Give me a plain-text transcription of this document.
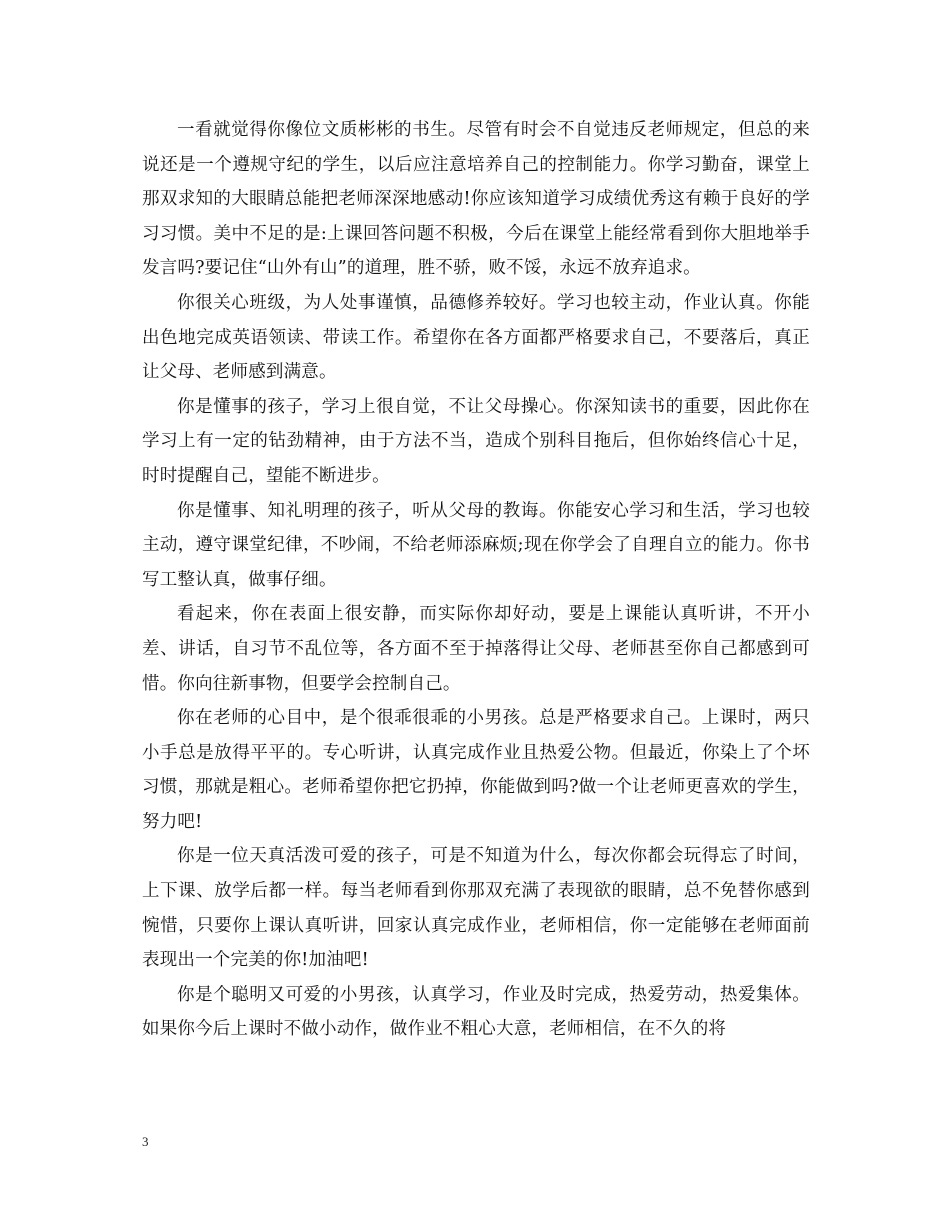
一看就觉得你像位文质彬彬的书生。尽管有时会不自觉违反老师规定，但总的来说还是一个遵规守纪的学生，以后应注意培养自己的控制能力。你学习勤奋，课堂上那双求知的大眼睛总能把老师深深地感动!你应该知道学习成绩优秀这有赖于良好的学习习惯。美中不足的是:上课回答问题不积极，今后在课堂上能经常看到你大胆地举手发言吗?要记住“山外有山”的道理，胜不骄，败不馁，永远不放弃追求。

你很关心班级，为人处事谨慎，品德修养较好。学习也较主动，作业认真。你能出色地完成英语领读、带读工作。希望你在各方面都严格要求自己，不要落后，真正让父母、老师感到满意。

你是懂事的孩子，学习上很自觉，不让父母操心。你深知读书的重要，因此你在学习上有一定的钻劲精神，由于方法不当，造成个别科目拖后，但你始终信心十足，时时提醒自己，望能不断进步。

你是懂事、知礼明理的孩子，听从父母的教诲。你能安心学习和生活，学习也较主动，遵守课堂纪律，不吵闹，不给老师添麻烦;现在你学会了自理自立的能力。你书写工整认真，做事仔细。

看起来，你在表面上很安静，而实际你却好动，要是上课能认真听讲，不开小差、讲话，自习节不乱位等，各方面不至于掉落得让父母、老师甚至你自己都感到可惜。你向往新事物，但要学会控制自己。

你在老师的心目中，是个很乖很乖的小男孩。总是严格要求自己。上课时，两只小手总是放得平平的。专心听讲，认真完成作业且热爱公物。但最近，你染上了个坏习惯，那就是粗心。老师希望你把它扔掉，你能做到吗?做一个让老师更喜欢的学生，努力吧!

你是一位天真活泼可爱的孩子，可是不知道为什么，每次你都会玩得忘了时间，上下课、放学后都一样。每当老师看到你那双充满了表现欲的眼睛，总不免替你感到惋惜，只要你上课认真听讲，回家认真完成作业，老师相信，你一定能够在老师面前表现出一个完美的你!加油吧!

你是个聪明又可爱的小男孩，认真学习，作业及时完成，热爱劳动，热爱集体。如果你今后上课时不做小动作，做作业不粗心大意，老师相信，在不久的将

3
